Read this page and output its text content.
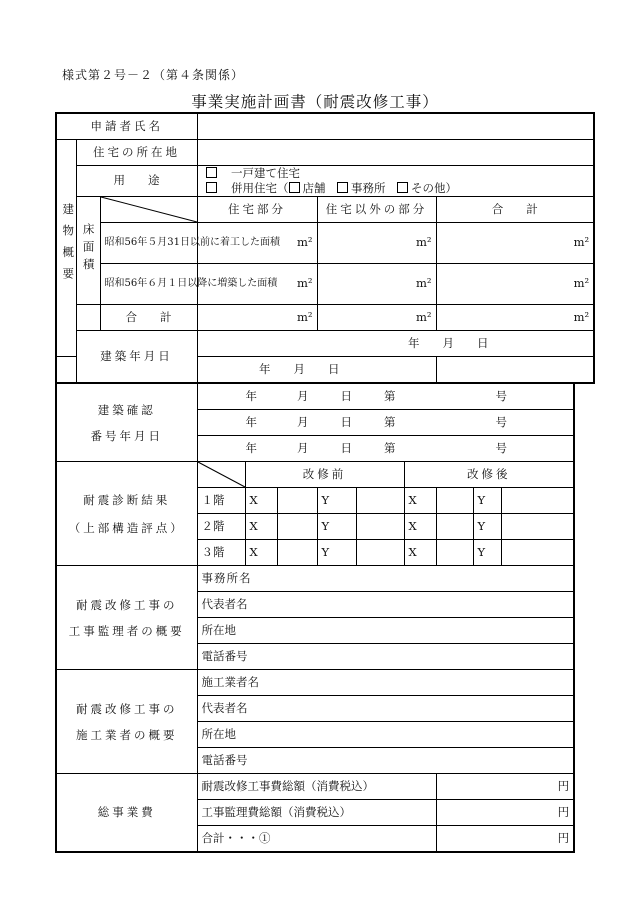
様式第２号－２（第４条関係）
事業実施計画書（耐震改修工事）
申請者氏名					
建物概要	住宅の所在地				
	用　　途	
　	一戸建て住宅
　併用住宅（ 店舗　 事務所　 その他）		

	床面積		住宅部分	住宅以外の部分	合　　計
		昭和56年５月31日以前に着工した面積	m²	m²	m²
		昭和56年６月１日以降に増築した面積	m²	m²	m²
		合　　計	m²	m²	m²
	建築年月日		年　　月　　日		
年　　月　　日					
建築確認
番号年月日	年 月 日 第 号								
	年 月 日 第 号								
	年 月 日 第 号								

耐震診断結果
（上部構造評点）		改修前				改修後			
	１階	X		Y		X		Y	
	２階	X		Y		X		Y	
	３階	X		Y		X		Y	

耐震改修工事の
工事監理者の概要	事務所名								
	代表者名								
	所在地								
	電話番号								

耐震改修工事の
施工業者の概要	施工業者名								
	代表者名								
	所在地								
	電話番号								
総事業費	耐震改修工事費総額（消費税込）						円		
	工事監理費総額（消費税込）						円		
	合計・・・①						円		
